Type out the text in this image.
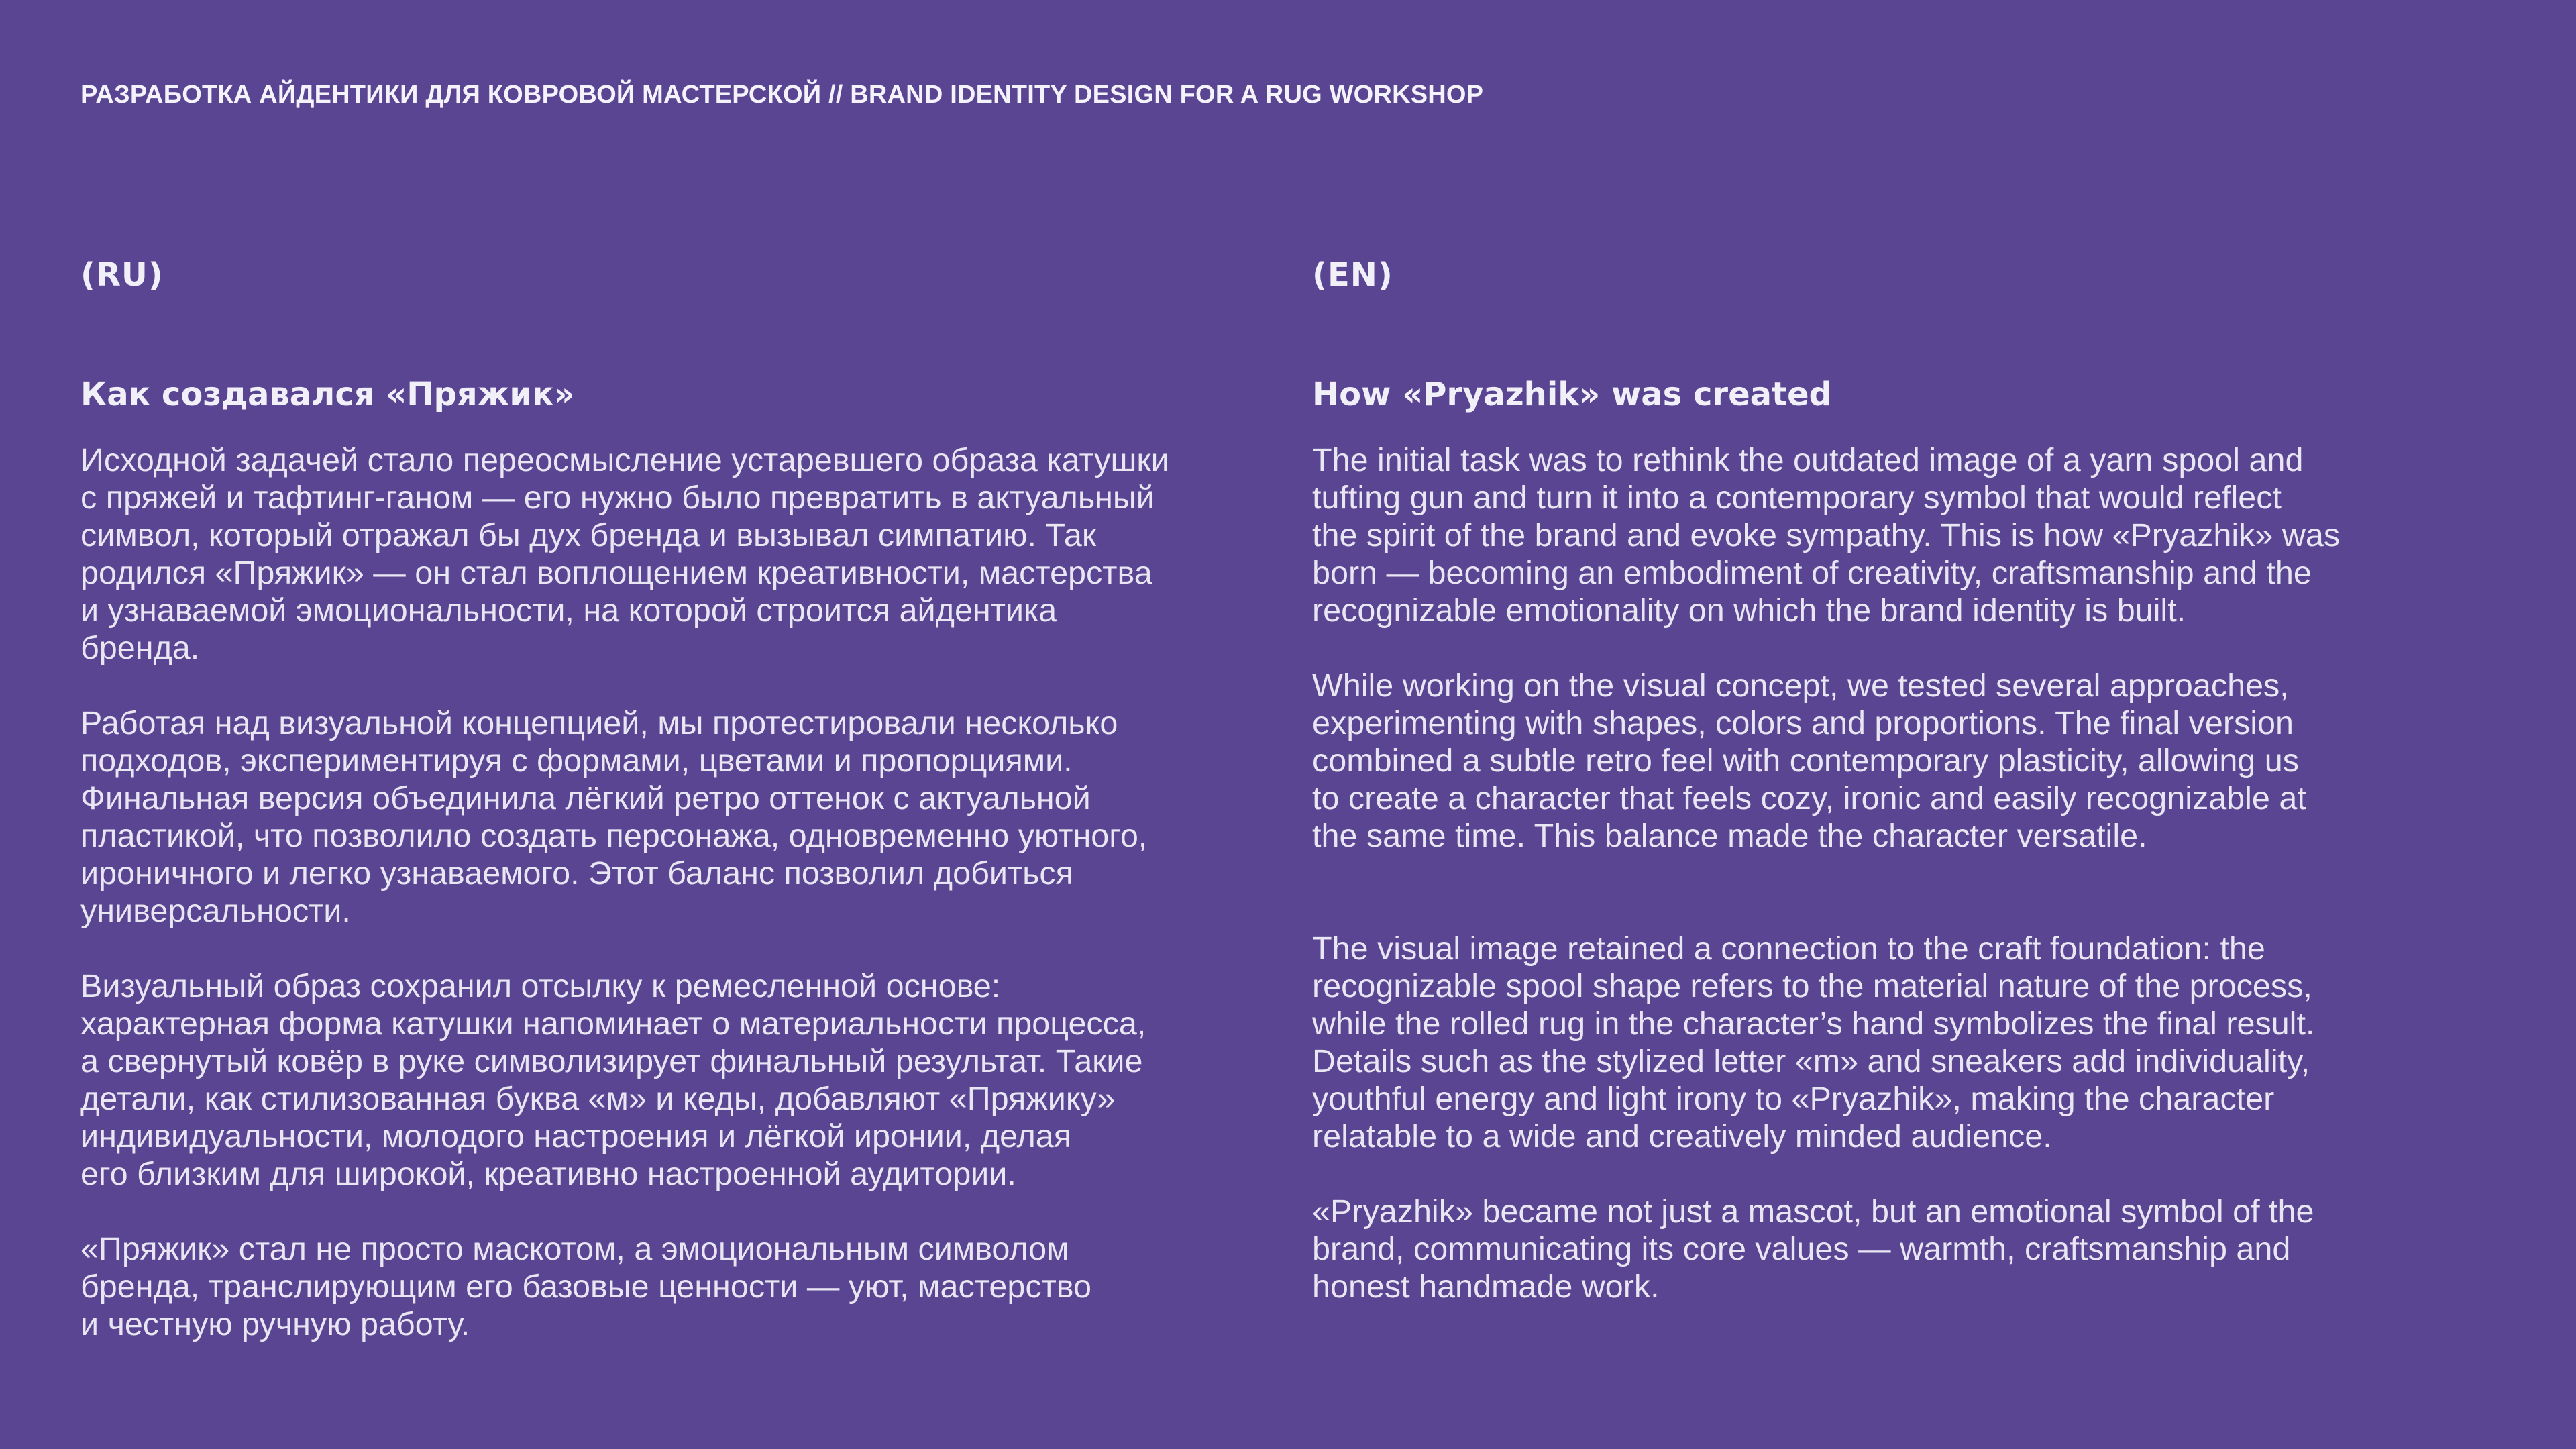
РАЗРАБОТКА АЙДЕНТИКИ ДЛЯ КОВРОВОЙ МАСТЕРСКОЙ // BRAND IDENTITY DESIGN FOR A RUG WORKSHOP
(RU)
Как создавался «Пряжик»

Исходной задачей стало переосмысление устаревшего образа катушки
с пряжей и тафтинг-ганом — его нужно было превратить в актуальный
символ, который отражал бы дух бренда и вызывал симпатию. Так
родился «Пряжик» — он стал воплощением креативности, мастерства
и узнаваемой эмоциональности, на которой строится айдентика
бренда.

Работая над визуальной концепцией, мы протестировали несколько
подходов, экспериментируя с формами, цветами и пропорциями.
Финальная версия объединила лёгкий ретро оттенок с актуальной
пластикой, что позволило создать персонажа, одновременно уютного,
ироничного и легко узнаваемого. Этот баланс позволил добиться
универсальности.

Визуальный образ сохранил отсылку к ремесленной основе:
характерная форма катушки напоминает о материальности процесса,
а свернутый ковёр в руке символизирует финальный результат. Такие
детали, как стилизованная буква «м» и кеды, добавляют «Пряжику»
индивидуальности, молодого настроения и лёгкой иронии, делая
его близким для широкой, креативно настроенной аудитории.

«Пряжик» стал не просто маскотом, а эмоциональным символом
бренда, транслирующим его базовые ценности — уют, мастерство
и честную ручную работу.

(EN)
How «Pryazhik» was created

The initial task was to rethink the outdated image of a yarn spool and
tufting gun and turn it into a contemporary symbol that would reflect
the spirit of the brand and evoke sympathy. This is how «Pryazhik» was
born — becoming an embodiment of creativity, craftsmanship and the
recognizable emotionality on which the brand identity is built.

While working on the visual concept, we tested several approaches,
experimenting with shapes, colors and proportions. The final version
combined a subtle retro feel with contemporary plasticity, allowing us
to create a character that feels cozy, ironic and easily recognizable at
the same time. This balance made the character versatile.

The visual image retained a connection to the craft foundation: the
recognizable spool shape refers to the material nature of the process,
while the rolled rug in the character’s hand symbolizes the final result.
Details such as the stylized letter «m» and sneakers add individuality,
youthful energy and light irony to «Pryazhik», making the character
relatable to a wide and creatively minded audience.

«Pryazhik» became not just a mascot, but an emotional symbol of the
brand, communicating its core values — warmth, craftsmanship and
honest handmade work.
